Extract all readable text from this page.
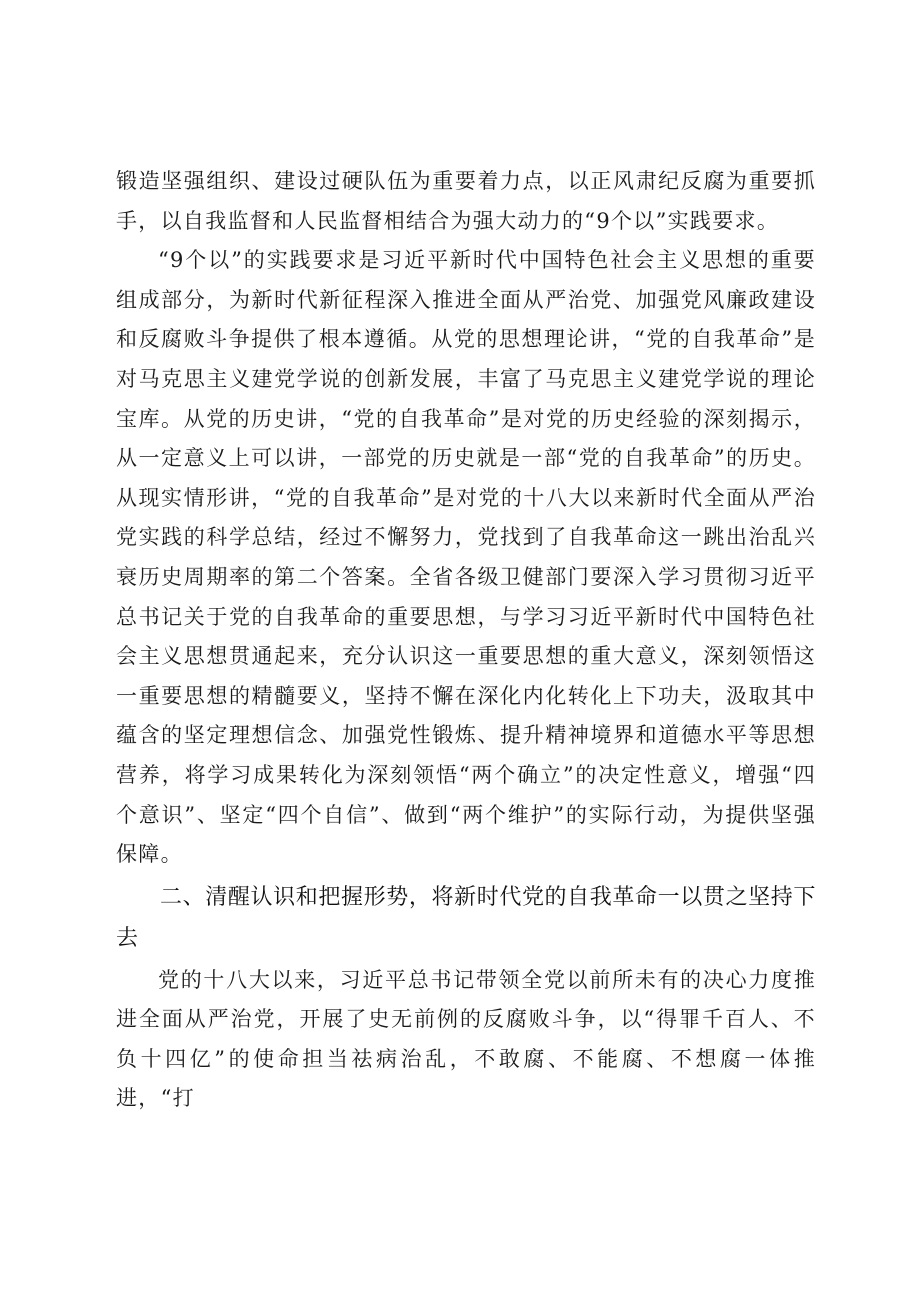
锻造坚强组织、建设过硬队伍为重要着力点，以正风肃纪反腐为重要抓手，以自我监督和人民监督相结合为强大动力的“9个以”实践要求。

“9个以”的实践要求是习近平新时代中国特色社会主义思想的重要组成部分，为新时代新征程深入推进全面从严治党、加强党风廉政建设和反腐败斗争提供了根本遵循。从党的思想理论讲，“党的自我革命”是对马克思主义建党学说的创新发展，丰富了马克思主义建党学说的理论宝库。从党的历史讲，“党的自我革命”是对党的历史经验的深刻揭示，从一定意义上可以讲，一部党的历史就是一部“党的自我革命”的历史。从现实情形讲，“党的自我革命”是对党的十八大以来新时代全面从严治党实践的科学总结，经过不懈努力，党找到了自我革命这一跳出治乱兴衰历史周期率的第二个答案。全省各级卫健部门要深入学习贯彻习近平总书记关于党的自我革命的重要思想，与学习习近平新时代中国特色社会主义思想贯通起来，充分认识这一重要思想的重大意义，深刻领悟这一重要思想的精髓要义，坚持不懈在深化内化转化上下功夫，汲取其中蕴含的坚定理想信念、加强党性锻炼、提升精神境界和道德水平等思想营养，将学习成果转化为深刻领悟“两个确立”的决定性意义，增强“四个意识”、坚定“四个自信”、做到“两个维护”的实际行动，为提供坚强保障。

二、清醒认识和把握形势，将新时代党的自我革命一以贯之坚持下去

党的十八大以来，习近平总书记带领全党以前所未有的决心力度推进全面从严治党，开展了史无前例的反腐败斗争，以“得罪千百人、不负十四亿”的使命担当祛病治乱，不敢腐、不能腐、不想腐一体推进，“打
